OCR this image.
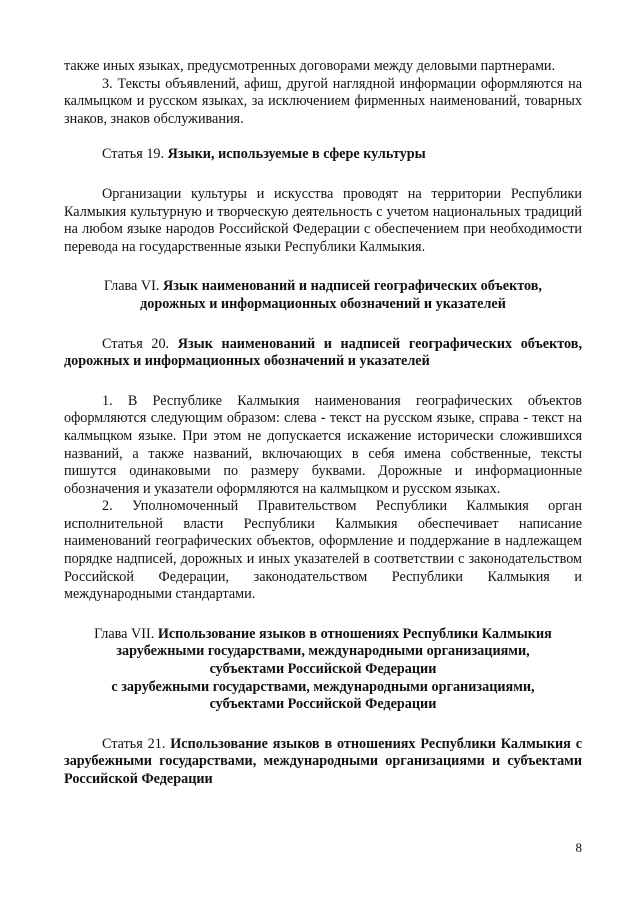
также иных языках, предусмотренных договорами между деловыми партнерами.

3. Тексты объявлений, афиш, другой наглядной информации оформляются на калмыцком и русском языках, за исключением фирменных наименований, товарных знаков, знаков обслуживания.

Статья 19. Языки, используемые в сфере культуры

Организации культуры и искусства проводят на территории Республики Калмыкия культурную и творческую деятельность с учетом национальных традиций на любом языке народов Российской Федерации с обеспечением при необходимости перевода на государственные языки Республики Калмыкия.

Глава VI. Язык наименований и надписей географических объектов,

дорожных и информационных обозначений и указателей

Статья 20. Язык наименований и надписей географических объектов, дорожных и информационных обозначений и указателей

1. В Республике Калмыкия наименования географических объектов оформляются следующим образом: слева - текст на русском языке, справа - текст на калмыцком языке. При этом не допускается искажение исторически сложившихся названий, а также названий, включающих в себя имена собственные, тексты пишутся одинаковыми по размеру буквами. Дорожные и информационные обозначения и указатели оформляются на калмыцком и русском языках.

2. Уполномоченный Правительством Республики Калмыкия орган исполнительной власти Республики Калмыкия обеспечивает написание наименований географических объектов, оформление и поддержание в надлежащем порядке надписей, дорожных и иных указателей в соответствии с законодательством Российской Федерации, законодательством Республики Калмыкия и международными стандартами.

Глава VII. Использование языков в отношениях Республики Калмыкия

зарубежными государствами, международными организациями,

субъектами Российской Федерации

с зарубежными государствами, международными организациями,

субъектами Российской Федерации

Статья 21. Использование языков в отношениях Республики Калмыкия с зарубежными государствами, международными организациями и субъектами Российской Федерации

8
